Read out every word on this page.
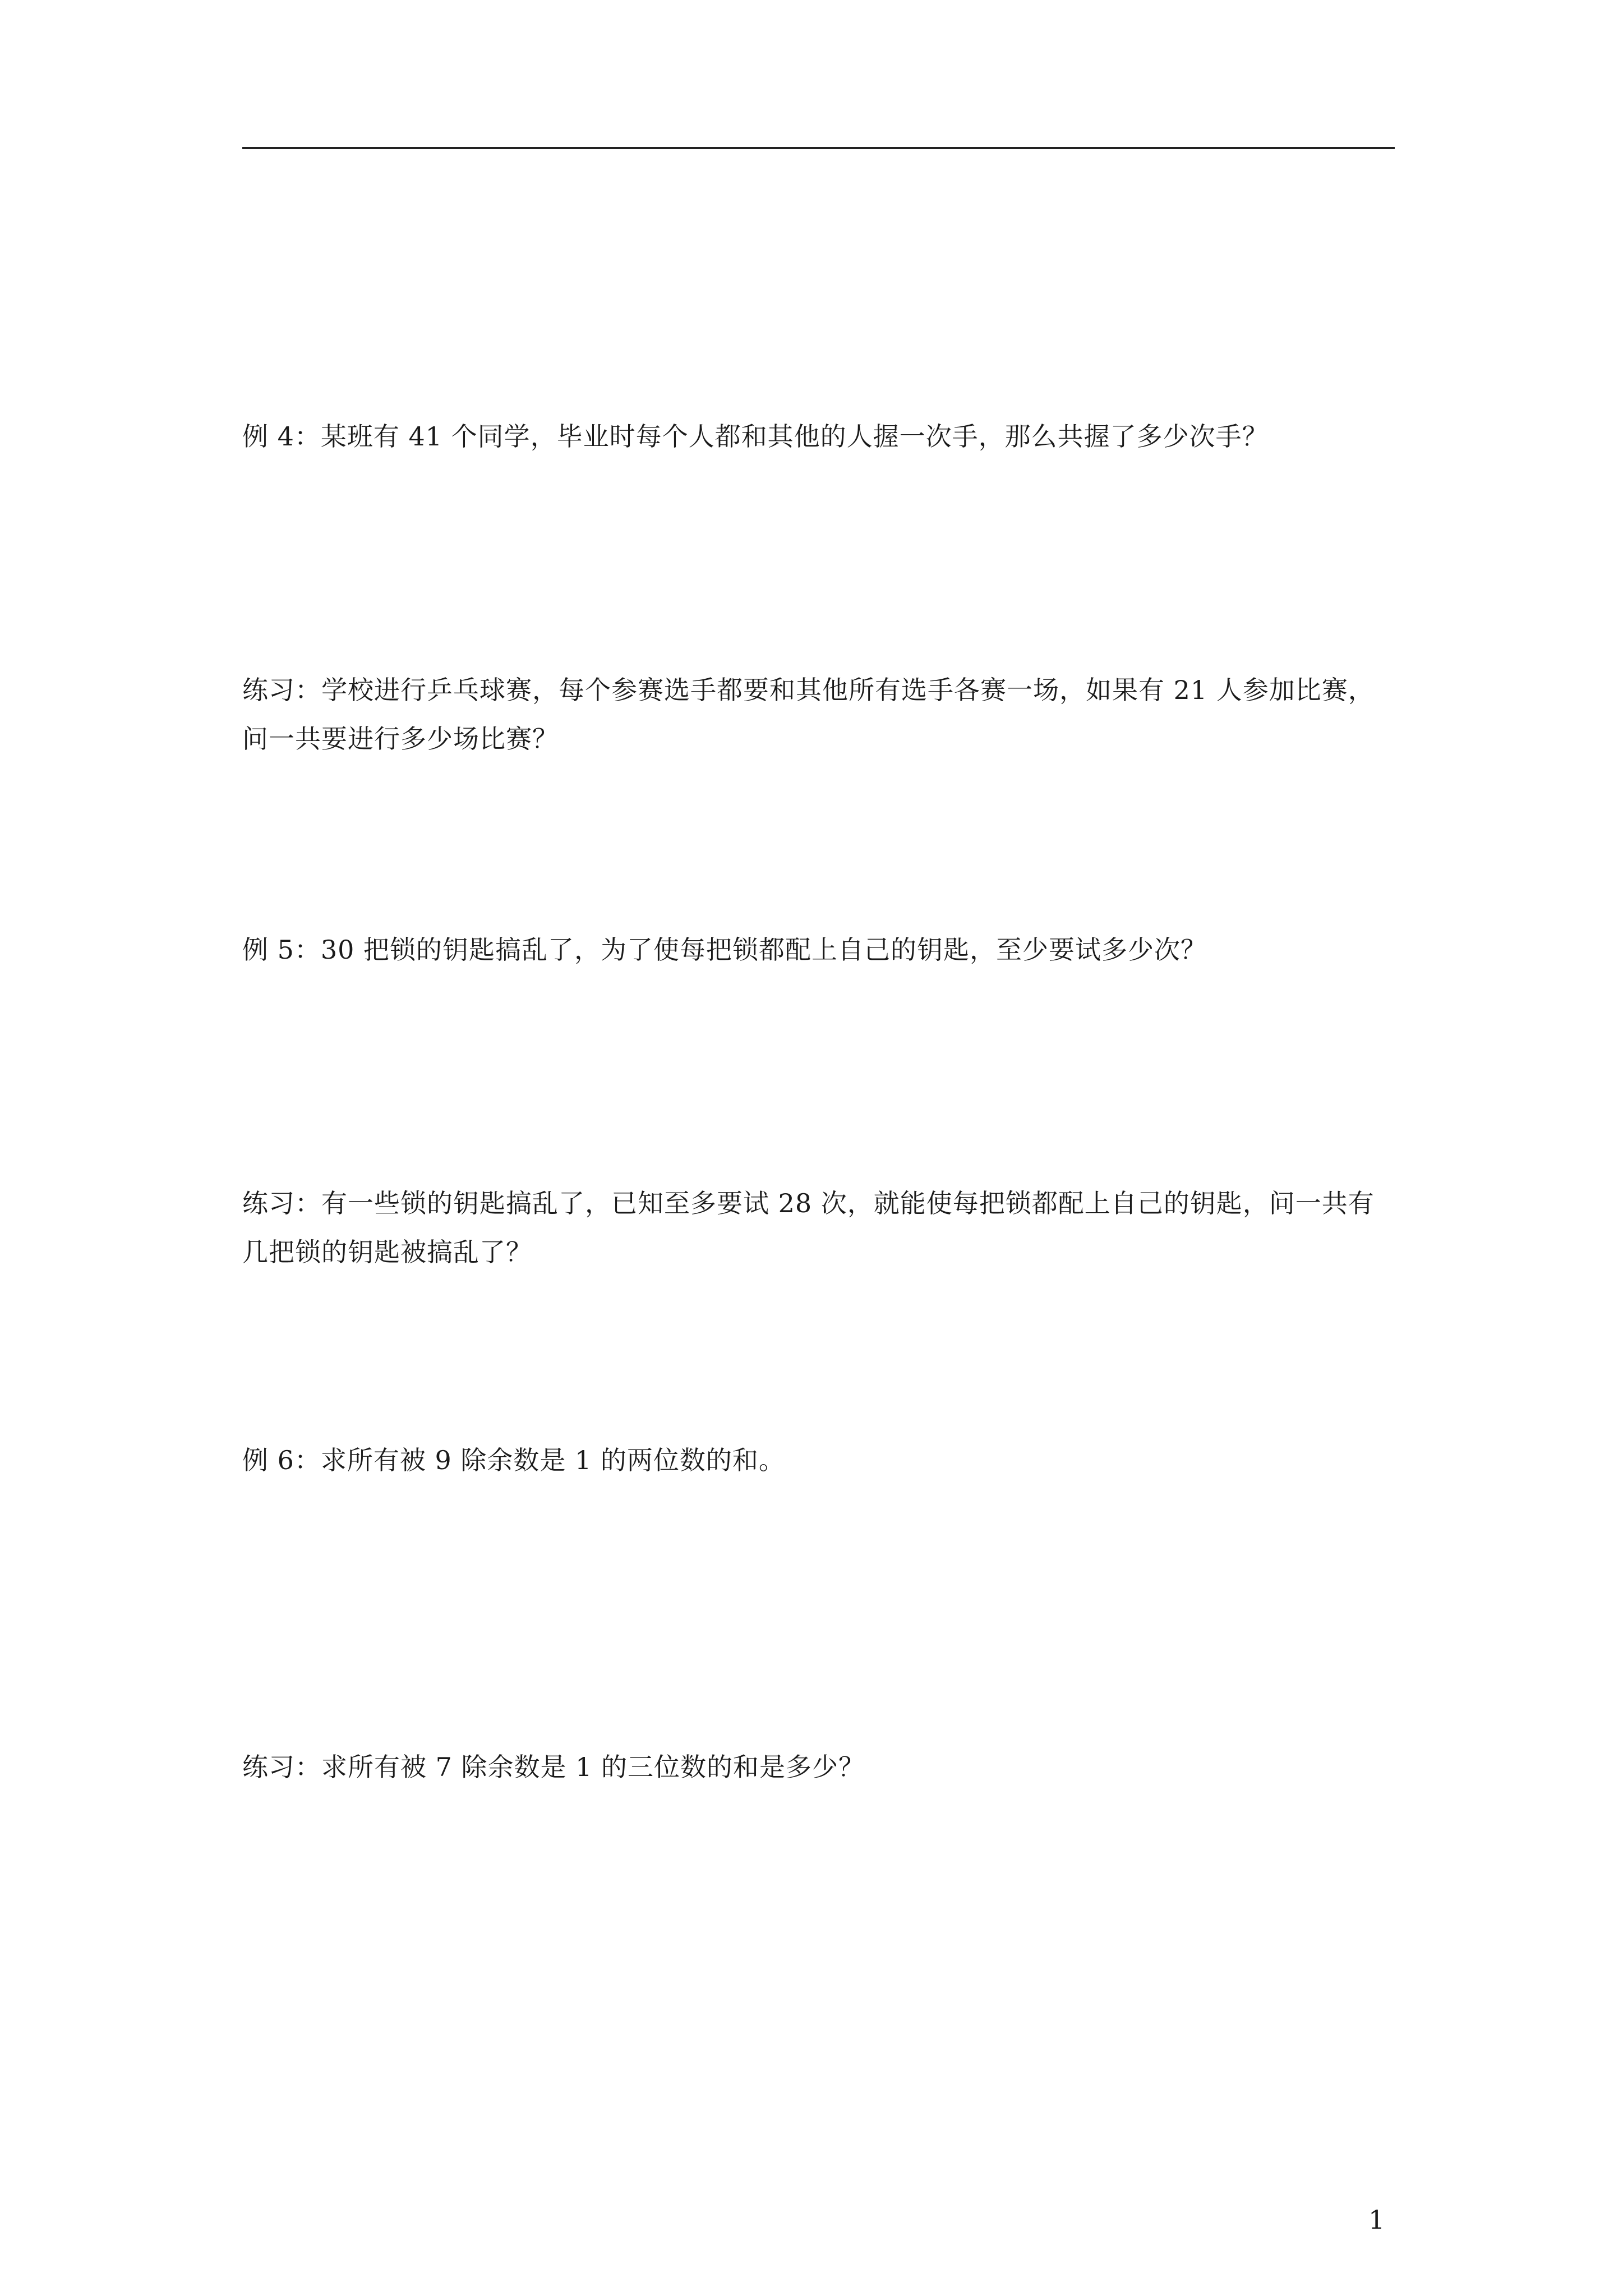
例 4：某班有 41 个同学，毕业时每个人都和其他的人握一次手，那么共握了多少次手？
练习：学校进行乒乓球赛，每个参赛选手都要和其他所有选手各赛一场，如果有 21 人参加比赛，问一共要进行多少场比赛？
例 5：30 把锁的钥匙搞乱了，为了使每把锁都配上自己的钥匙，至少要试多少次？
练习：有一些锁的钥匙搞乱了，已知至多要试 28 次，就能使每把锁都配上自己的钥匙，问一共有几把锁的钥匙被搞乱了？
例 6：求所有被 9 除余数是 1 的两位数的和。
练习：求所有被 7 除余数是 1 的三位数的和是多少？
1
